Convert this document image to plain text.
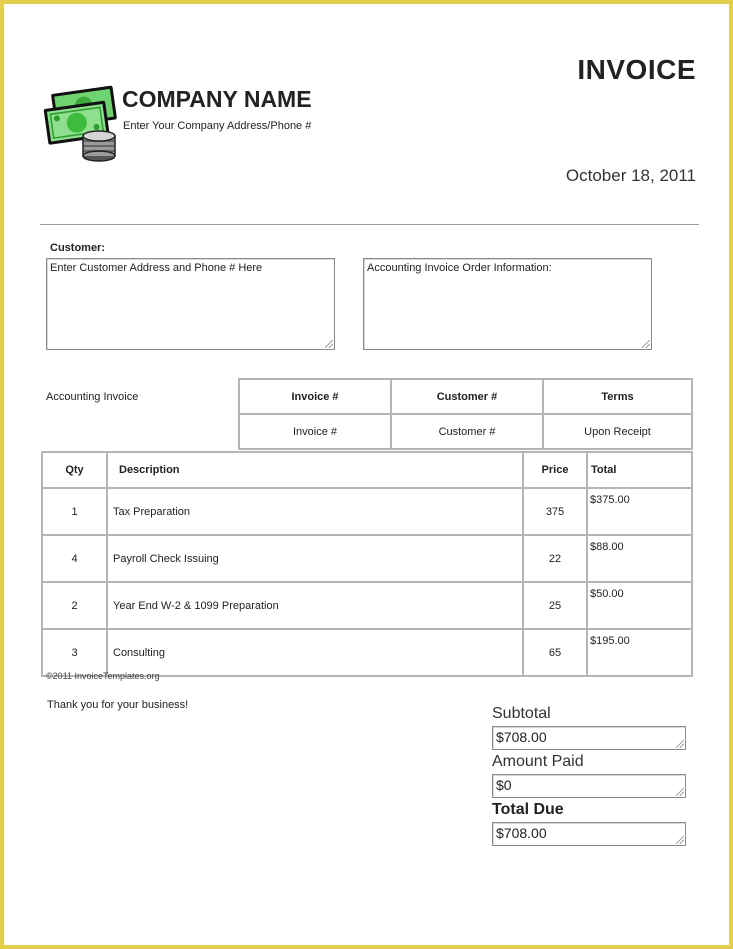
INVOICE
COMPANY NAME
Enter Your Company Address/Phone #
October 18, 2011
Customer:
Enter Customer Address and Phone # Here	Accounting Invoice Order Information:
Accounting Invoice	Invoice #	Customer #	Terms
Invoice #	Customer #	Upon Receipt
Qty	Description	Price	Total
1	Tax Preparation	375	$375.00
4	Payroll Check Issuing	22	$88.00
2	Year End W-2 & 1099 Preparation	25	$50.00
3	Consulting	65	$195.00
©2011 InvoiceTemplates.org
Thank you for your business!	Subtotal
$708.00
Amount Paid
$0
Total Due
$708.00
